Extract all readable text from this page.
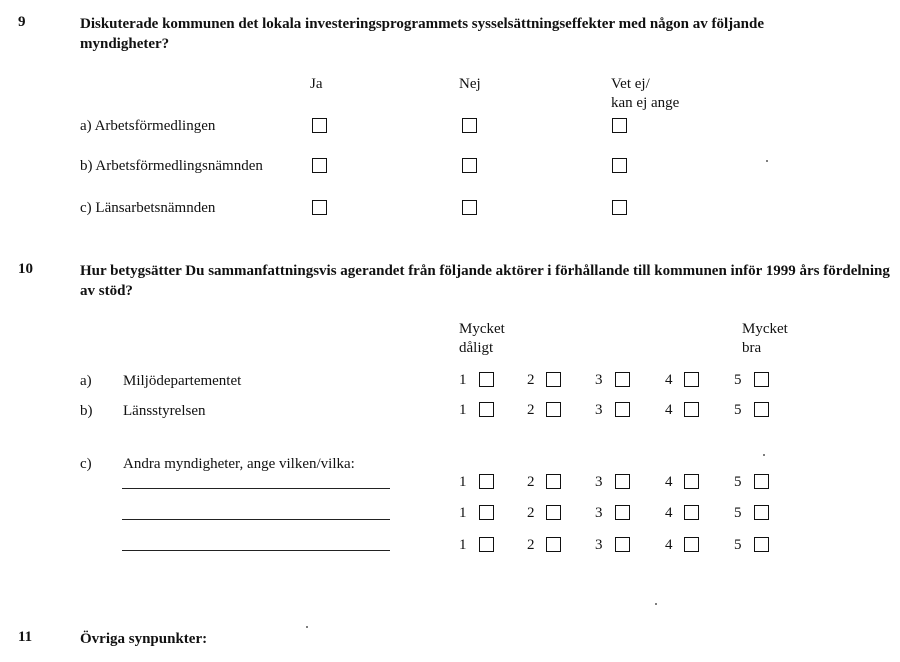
9	Diskuterade kommunen det lokala investeringsprogrammets sysselsättningseffekter med någon av följande myndigheter?
Ja	Nej	Vet ej/
kan ej ange
a) Arbetsförmedlingen
b) Arbetsförmedlingsnämnden
c) Länsarbetsnämnden
10	Hur betygsätter Du sammanfattningsvis agerandet från följande aktörer i förhållande till kommunen inför 1999 års fördelning av stöd?
Mycket
dåligt
Mycket
bra
a) Miljödepartementet	1	2	3	4	5
b) Länsstyrelsen	1	2	3	4	5
c) Andra myndigheter, ange vilken/vilka:
1	2	3	4	5
1	2	3	4	5
1	2	3	4	5
11	Övriga synpunkter:
